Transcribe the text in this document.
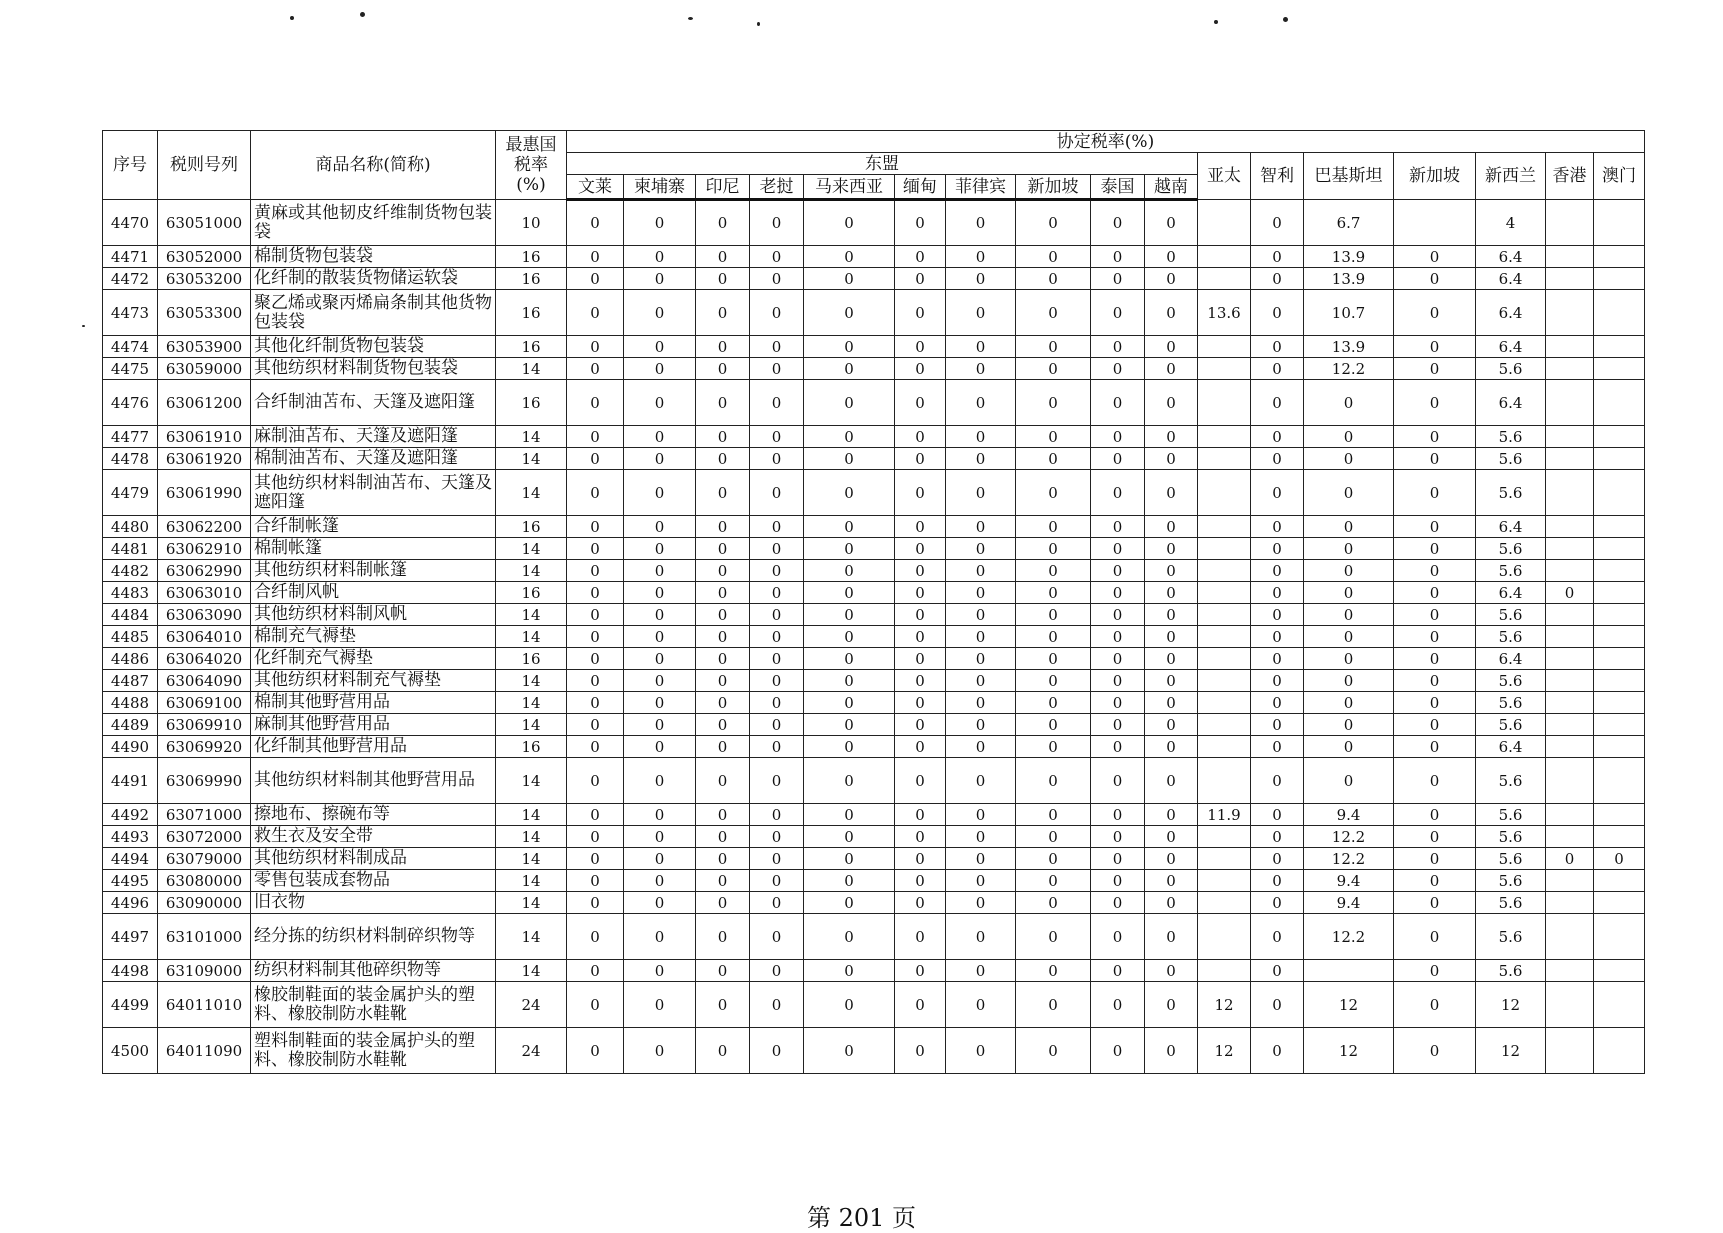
序号	税则号列	商品名称(简称)	最惠国
税率
(%)	协定税率(%)																
				东盟										亚太	智利	巴基斯坦	新加坡	新西兰	香港	澳门
				文莱	柬埔寨	印尼	老挝	马来西亚	缅甸	菲律宾	新加坡	泰国	越南							
4470	63051000	黄麻或其他韧皮纤维制货物包装袋	10	0	0	0	0	0	0	0	0	0	0		0	6.7		4		
4471	63052000	棉制货物包装袋	16	0	0	0	0	0	0	0	0	0	0		0	13.9	0	6.4		
4472	63053200	化纤制的散装货物储运软袋	16	0	0	0	0	0	0	0	0	0	0		0	13.9	0	6.4		
4473	63053300	聚乙烯或聚丙烯扁条制其他货物包装袋	16	0	0	0	0	0	0	0	0	0	0	13.6	0	10.7	0	6.4		
4474	63053900	其他化纤制货物包装袋	16	0	0	0	0	0	0	0	0	0	0		0	13.9	0	6.4		
4475	63059000	其他纺织材料制货物包装袋	14	0	0	0	0	0	0	0	0	0	0		0	12.2	0	5.6		
4476	63061200	合纤制油苫布、天篷及遮阳篷	16	0	0	0	0	0	0	0	0	0	0		0	0	0	6.4		
4477	63061910	麻制油苫布、天篷及遮阳篷	14	0	0	0	0	0	0	0	0	0	0		0	0	0	5.6		
4478	63061920	棉制油苫布、天篷及遮阳篷	14	0	0	0	0	0	0	0	0	0	0		0	0	0	5.6		
4479	63061990	其他纺织材料制油苫布、天篷及遮阳篷	14	0	0	0	0	0	0	0	0	0	0		0	0	0	5.6		
4480	63062200	合纤制帐篷	16	0	0	0	0	0	0	0	0	0	0		0	0	0	6.4		
4481	63062910	棉制帐篷	14	0	0	0	0	0	0	0	0	0	0		0	0	0	5.6		
4482	63062990	其他纺织材料制帐篷	14	0	0	0	0	0	0	0	0	0	0		0	0	0	5.6		
4483	63063010	合纤制风帆	16	0	0	0	0	0	0	0	0	0	0		0	0	0	6.4	0	
4484	63063090	其他纺织材料制风帆	14	0	0	0	0	0	0	0	0	0	0		0	0	0	5.6		
4485	63064010	棉制充气褥垫	14	0	0	0	0	0	0	0	0	0	0		0	0	0	5.6		
4486	63064020	化纤制充气褥垫	16	0	0	0	0	0	0	0	0	0	0		0	0	0	6.4		
4487	63064090	其他纺织材料制充气褥垫	14	0	0	0	0	0	0	0	0	0	0		0	0	0	5.6		
4488	63069100	棉制其他野营用品	14	0	0	0	0	0	0	0	0	0	0		0	0	0	5.6		
4489	63069910	麻制其他野营用品	14	0	0	0	0	0	0	0	0	0	0		0	0	0	5.6		
4490	63069920	化纤制其他野营用品	16	0	0	0	0	0	0	0	0	0	0		0	0	0	6.4		
4491	63069990	其他纺织材料制其他野营用品	14	0	0	0	0	0	0	0	0	0	0		0	0	0	5.6		
4492	63071000	擦地布、擦碗布等	14	0	0	0	0	0	0	0	0	0	0	11.9	0	9.4	0	5.6		
4493	63072000	救生衣及安全带	14	0	0	0	0	0	0	0	0	0	0		0	12.2	0	5.6		
4494	63079000	其他纺织材料制成品	14	0	0	0	0	0	0	0	0	0	0		0	12.2	0	5.6	0	0
4495	63080000	零售包装成套物品	14	0	0	0	0	0	0	0	0	0	0		0	9.4	0	5.6		
4496	63090000	旧衣物	14	0	0	0	0	0	0	0	0	0	0		0	9.4	0	5.6		
4497	63101000	经分拣的纺织材料制碎织物等	14	0	0	0	0	0	0	0	0	0	0		0	12.2	0	5.6		
4498	63109000	纺织材料制其他碎织物等	14	0	0	0	0	0	0	0	0	0	0		0		0	5.6		
4499	64011010	橡胶制鞋面的装金属护头的塑料、橡胶制防水鞋靴	24	0	0	0	0	0	0	0	0	0	0	12	0	12	0	12		
4500	64011090	塑料制鞋面的装金属护头的塑料、橡胶制防水鞋靴	24	0	0	0	0	0	0	0	0	0	0	12	0	12	0	12		
第 201 页
